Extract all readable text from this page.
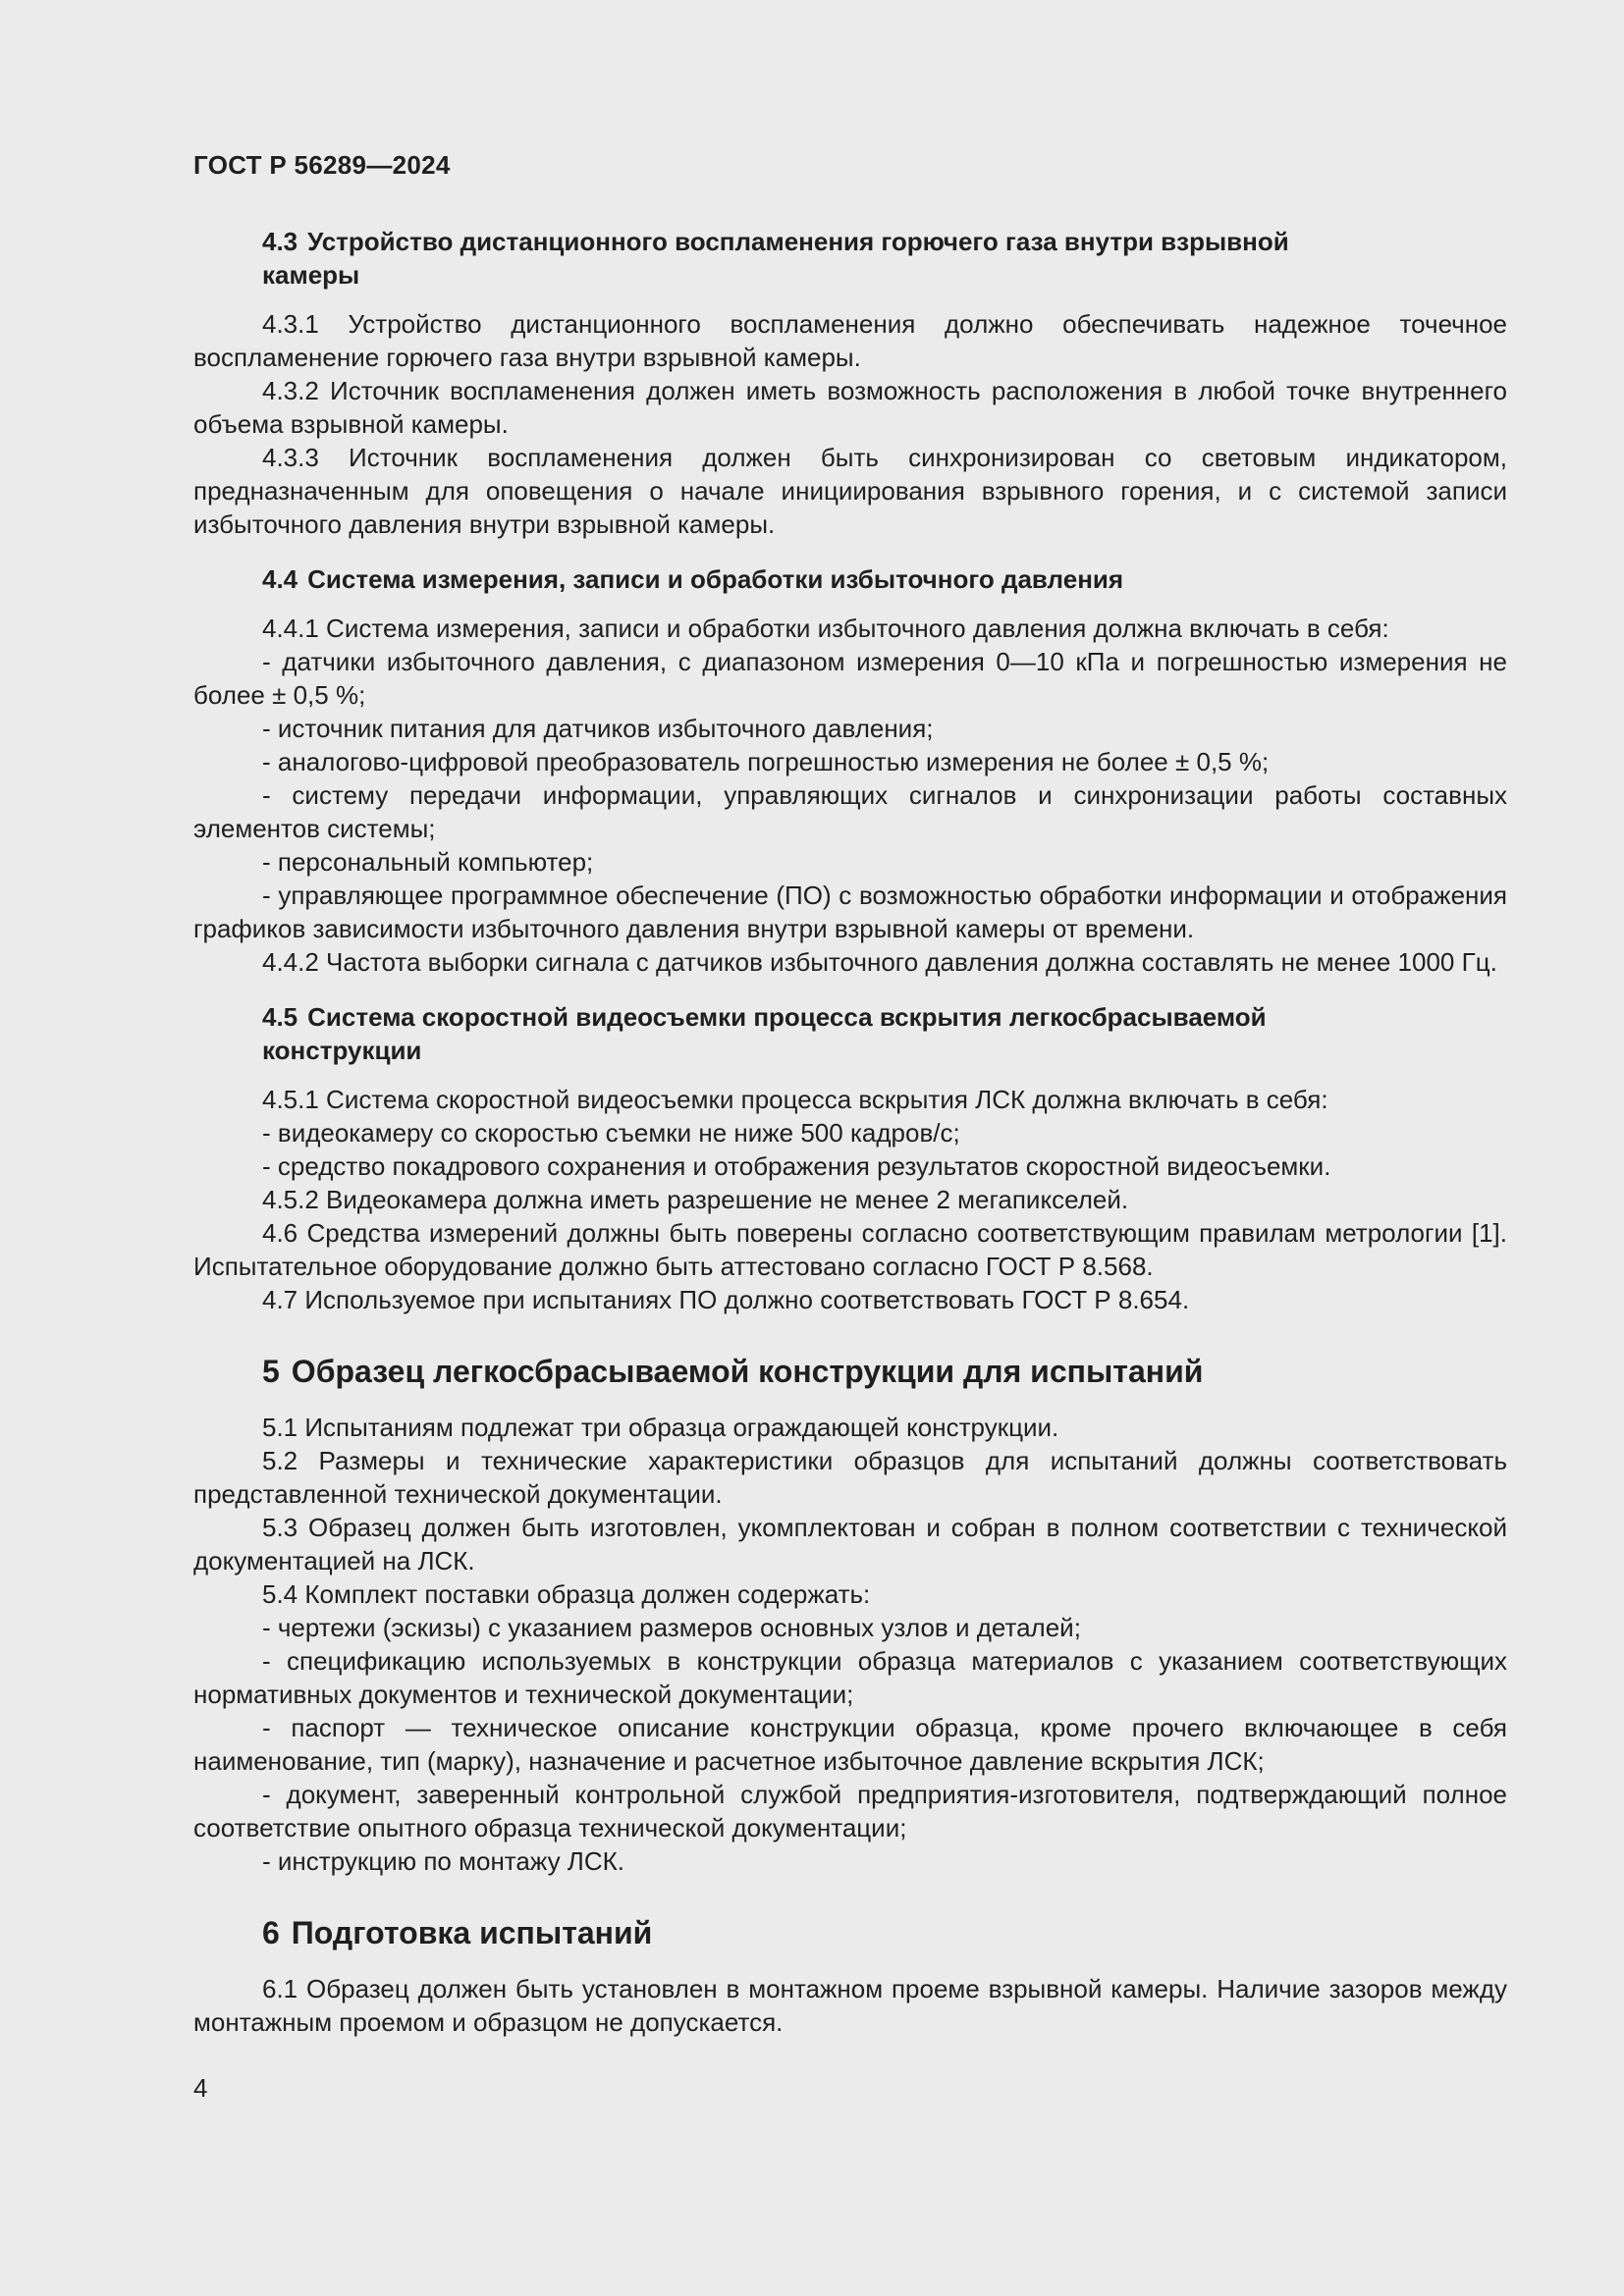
ГОСТ Р 56289—2024
4.3 Устройство дистанционного воспламенения горючего газа внутри взрывной камеры

4.3.1 Устройство дистанционного воспламенения должно обеспечивать надежное точечное воспламенение горючего газа внутри взрывной камеры.

4.3.2 Источник воспламенения должен иметь возможность расположения в любой точке внутреннего объема взрывной камеры.

4.3.3 Источник воспламенения должен быть синхронизирован со световым индикатором, предназначенным для оповещения о начале инициирования взрывного горения, и с системой записи избыточного давления внутри взрывной камеры.

4.4 Система измерения, записи и обработки избыточного давления

4.4.1 Система измерения, записи и обработки избыточного давления должна включать в себя:

- датчики избыточного давления, с диапазоном измерения 0—10 кПа и погрешностью измерения не более ± 0,5 %;

- источник питания для датчиков избыточного давления;

- аналогово-цифровой преобразователь погрешностью измерения не более ± 0,5 %;

- систему передачи информации, управляющих сигналов и синхронизации работы составных элементов системы;

- персональный компьютер;

- управляющее программное обеспечение (ПО) с возможностью обработки информации и отображения графиков зависимости избыточного давления внутри взрывной камеры от времени.

4.4.2 Частота выборки сигнала с датчиков избыточного давления должна составлять не менее 1000 Гц.

4.5 Система скоростной видеосъемки процесса вскрытия легкосбрасываемой конструкции

4.5.1 Система скоростной видеосъемки процесса вскрытия ЛСК должна включать в себя:

- видеокамеру со скоростью съемки не ниже 500 кадров/с;

- средство покадрового сохранения и отображения результатов скоростной видеосъемки.

4.5.2 Видеокамера должна иметь разрешение не менее 2 мегапикселей.

4.6 Средства измерений должны быть поверены согласно соответствующим правилам метрологии [1]. Испытательное оборудование должно быть аттестовано согласно ГОСТ Р 8.568.

4.7 Используемое при испытаниях ПО должно соответствовать ГОСТ Р 8.654.

5 Образец легкосбрасываемой конструкции для испытаний

5.1 Испытаниям подлежат три образца ограждающей конструкции.

5.2 Размеры и технические характеристики образцов для испытаний должны соответствовать представленной технической документации.

5.3 Образец должен быть изготовлен, укомплектован и собран в полном соответствии с технической документацией на ЛСК.

5.4 Комплект поставки образца должен содержать:

- чертежи (эскизы) с указанием размеров основных узлов и деталей;

- спецификацию используемых в конструкции образца материалов с указанием соответствующих нормативных документов и технической документации;

- паспорт — техническое описание конструкции образца, кроме прочего включающее в себя наименование, тип (марку), назначение и расчетное избыточное давление вскрытия ЛСК;

- документ, заверенный контрольной службой предприятия-изготовителя, подтверждающий полное соответствие опытного образца технической документации;

- инструкцию по монтажу ЛСК.

6 Подготовка испытаний

6.1 Образец должен быть установлен в монтажном проеме взрывной камеры. Наличие зазоров между монтажным проемом и образцом не допускается.

4
